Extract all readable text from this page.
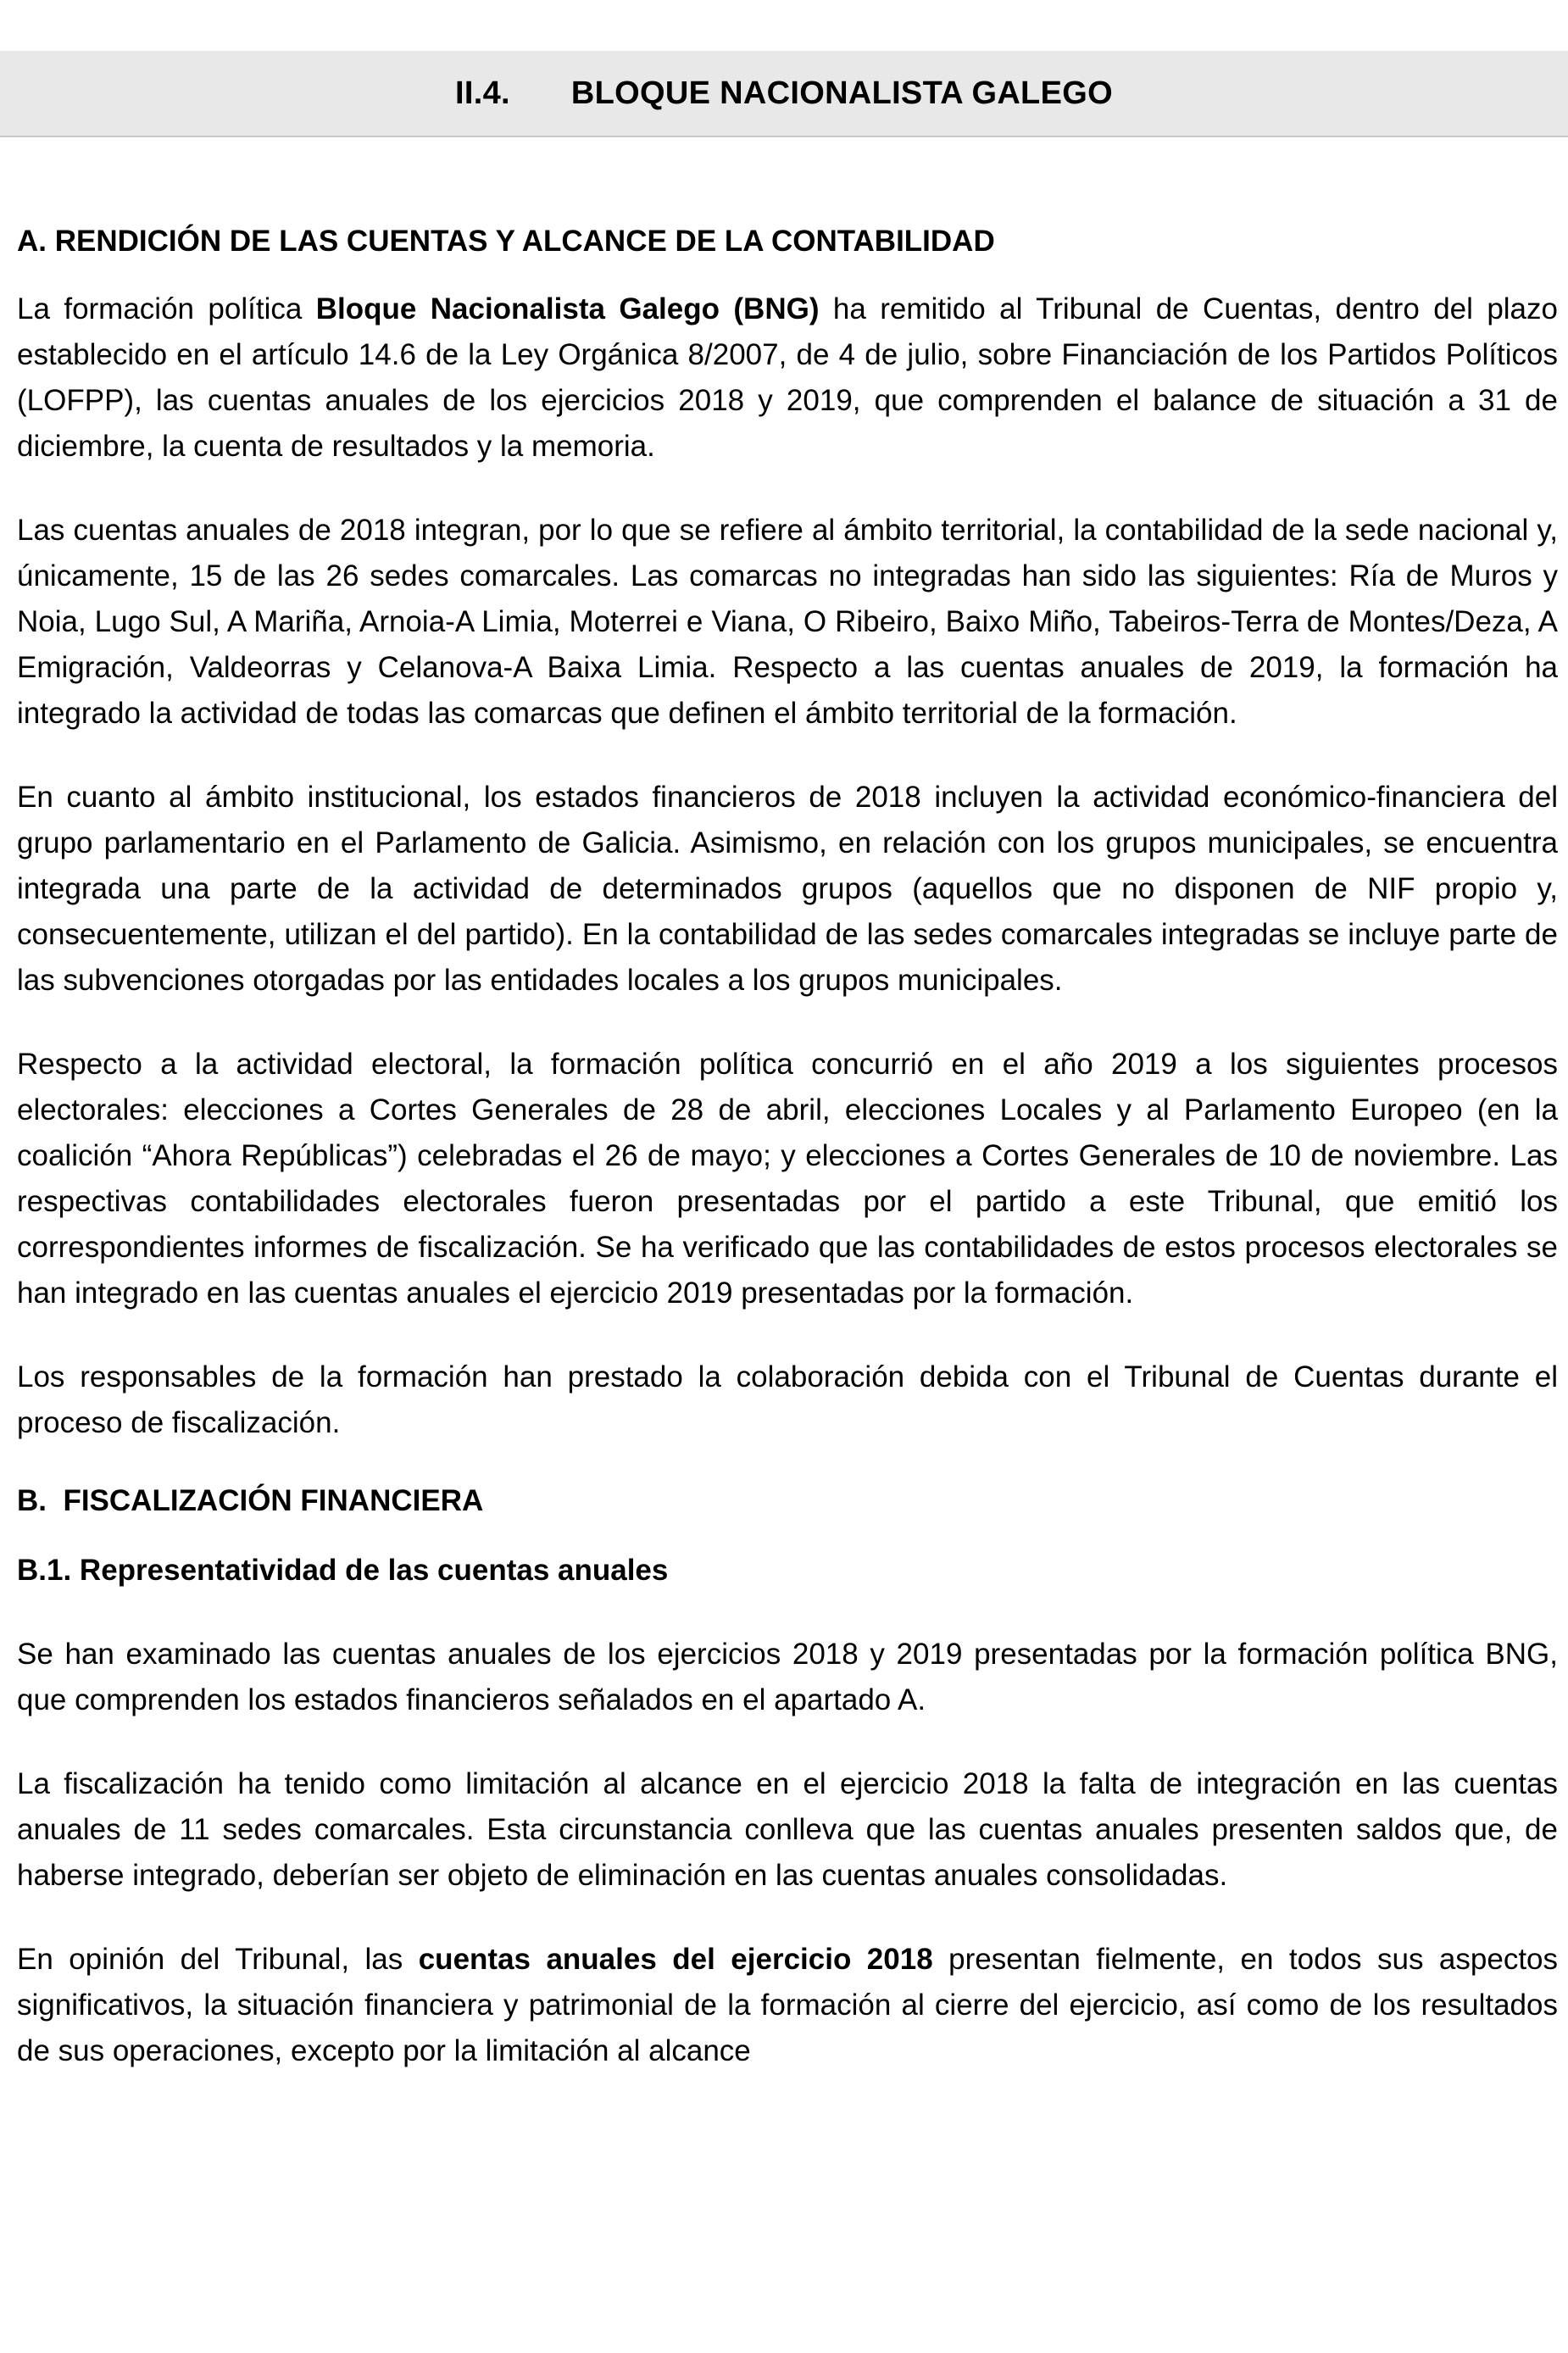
II.4. BLOQUE NACIONALISTA GALEGO
A. RENDICIÓN DE LAS CUENTAS Y ALCANCE DE LA CONTABILIDAD

La formación política Bloque Nacionalista Galego (BNG) ha remitido al Tribunal de Cuentas, dentro del plazo establecido en el artículo 14.6 de la Ley Orgánica 8/2007, de 4 de julio, sobre Financiación de los Partidos Políticos (LOFPP), las cuentas anuales de los ejercicios 2018 y 2019, que comprenden el balance de situación a 31 de diciembre, la cuenta de resultados y la memoria.

Las cuentas anuales de 2018 integran, por lo que se refiere al ámbito territorial, la contabilidad de la sede nacional y, únicamente, 15 de las 26 sedes comarcales. Las comarcas no integradas han sido las siguientes: Ría de Muros y Noia, Lugo Sul, A Mariña, Arnoia-A Limia, Moterrei e Viana, O Ribeiro, Baixo Miño, Tabeiros-Terra de Montes/Deza, A Emigración, Valdeorras y Celanova-A Baixa Limia. Respecto a las cuentas anuales de 2019, la formación ha integrado la actividad de todas las comarcas que definen el ámbito territorial de la formación.

En cuanto al ámbito institucional, los estados financieros de 2018 incluyen la actividad económico-financiera del grupo parlamentario en el Parlamento de Galicia. Asimismo, en relación con los grupos municipales, se encuentra integrada una parte de la actividad de determinados grupos (aquellos que no disponen de NIF propio y, consecuentemente, utilizan el del partido). En la contabilidad de las sedes comarcales integradas se incluye parte de las subvenciones otorgadas por las entidades locales a los grupos municipales.

Respecto a la actividad electoral, la formación política concurrió en el año 2019 a los siguientes procesos electorales: elecciones a Cortes Generales de 28 de abril, elecciones Locales y al Parlamento Europeo (en la coalición “Ahora Repúblicas”) celebradas el 26 de mayo; y elecciones a Cortes Generales de 10 de noviembre. Las respectivas contabilidades electorales fueron presentadas por el partido a este Tribunal, que emitió los correspondientes informes de fiscalización. Se ha verificado que las contabilidades de estos procesos electorales se han integrado en las cuentas anuales el ejercicio 2019 presentadas por la formación.

Los responsables de la formación han prestado la colaboración debida con el Tribunal de Cuentas durante el proceso de fiscalización.

B.  FISCALIZACIÓN FINANCIERA
B.1. Representatividad de las cuentas anuales

Se han examinado las cuentas anuales de los ejercicios 2018 y 2019 presentadas por la formación política BNG, que comprenden los estados financieros señalados en el apartado A.

La fiscalización ha tenido como limitación al alcance en el ejercicio 2018 la falta de integración en las cuentas anuales de 11 sedes comarcales. Esta circunstancia conlleva que las cuentas anuales presenten saldos que, de haberse integrado, deberían ser objeto de eliminación en las cuentas anuales consolidadas.

En opinión del Tribunal, las cuentas anuales del ejercicio 2018 presentan fielmente, en todos sus aspectos significativos, la situación financiera y patrimonial de la formación al cierre del ejercicio, así como de los resultados de sus operaciones, excepto por la limitación al alcance
